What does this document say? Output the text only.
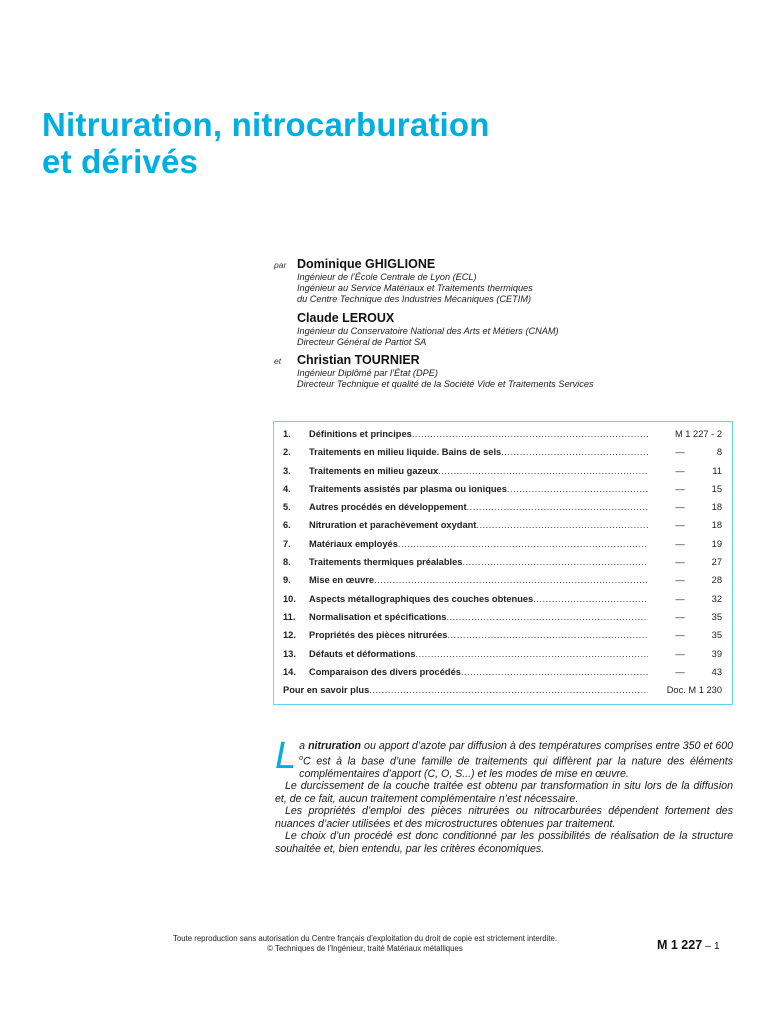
Nitruration, nitrocarburation
et dérivés
par Dominique GHIGLIONE
Ingénieur de l’École Centrale de Lyon (ECL)
Ingénieur au Service Matériaux et Traitements thermiques
du Centre Technique des Industries Mécaniques (CETIM)
Claude LEROUX
Ingénieur du Conservatoire National des Arts et Métiers (CNAM)
Directeur Général de Partiot SA
et Christian TOURNIER
Ingénieur Diplômé par l’État (DPE)
Directeur Technique et qualité de la Société Vide et Traitements Services
1.	Définitions et principes .....	M 1 227 - 2
2.	Traitements en milieu liquide. Bains de sels .....	—	8
3.	Traitements en milieu gazeux .....	—	11
4.	Traitements assistés par plasma ou ioniques .....	—	15
5.	Autres procédés en développement .....	—	18
6.	Nitruration et parachèvement oxydant .....	—	18
7.	Matériaux employés .....	—	19
8.	Traitements thermiques préalables .....	—	27
9.	Mise en œuvre .....	—	28
10.	Aspects métallographiques des couches obtenues .....	—	32
11.	Normalisation et spécifications .....	—	35
12.	Propriétés des pièces nitrurées .....	—	35
13.	Défauts et déformations .....	—	39
14.	Comparaison des divers procédés .....	—	43
Pour en savoir plus .....	Doc. M 1 230

La nitruration ou apport d’azote par diffusion à des températures comprises entre 350 et 600 $^o$C est à la base d’une famille de traitements qui diffèrent par la nature des éléments complémentaires d’apport (C, O, S...) et les modes de mise en œuvre.

Le durcissement de la couche traitée est obtenu par transformation in situ lors de la diffusion et, de ce fait, aucun traitement complémentaire n’est nécessaire.

Les propriétés d’emploi des pièces nitrurées ou nitrocarburées dépendent fortement des nuances d’acier utilisées et des microstructures obtenues par traitement.

Le choix d’un procédé est donc conditionné par les possibilités de réalisation de la structure souhaitée et, bien entendu, par les critères économiques.

Toute reproduction sans autorisation du Centre français d’exploitation du droit de copie est strictement interdite.
© Techniques de l’Ingénieur, traité Matériaux métalliques	M 1 227 – 1
